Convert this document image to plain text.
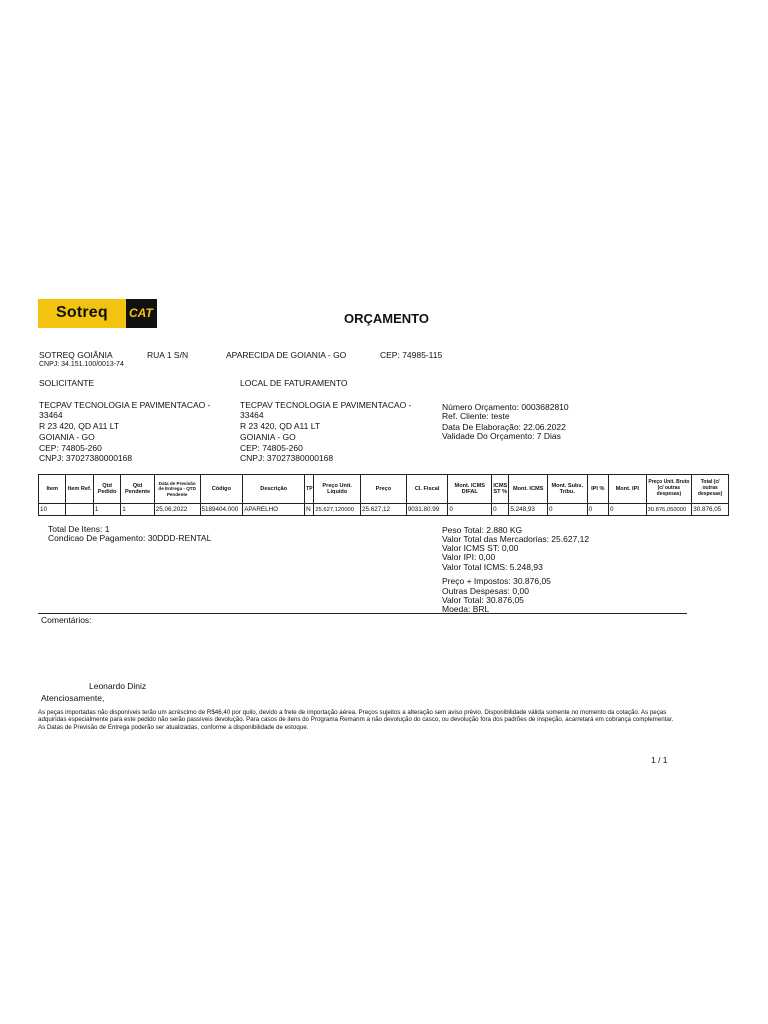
Sotreq CAT	ORÇAMENTO
SOTREQ GOIÂNIA	RUA 1 S/N	APARECIDA DE GOIANIA - GO	CEP: 74985-115
CNPJ: 34.151.100/0013-74
SOLICITANTE
TECPAV TECNOLOGIA E PAVIMENTACAO -
33464
R 23 420, QD A11 LT
GOIANIA - GO
CEP: 74805-260
CNPJ: 37027380000168
LOCAL DE FATURAMENTO
TECPAV TECNOLOGIA E PAVIMENTACAO -
33464
R 23 420, QD A11 LT
GOIANIA - GO
CEP: 74805-260
CNPJ: 37027380000168
Número Orçamento: 0003682810
Ref. Cliente: teste
Data De Elaboração: 22.06.2022
Validade Do Orçamento: 7 Dias
Item	Item Ref.	Qtd Pedido	Qtd Pendente	Data de Previsão de Entrega - QTD Pendente	Código	Descrição	TP	Preço Unit. Líquido	Preço	Cl. Fiscal	Mont. ICMS DIFAL	ICMS ST %	Mont. ICMS	Mont. Subs. Tribu.	IPI %	Mont. IPI	Preço Unit. Bruto (c/ outras despesas)	Total (c/ outras despesas)
10		1	1	25.06.2022	5189404.000	APARELHO	N	25.627,120000	25.627,12	9031.80.99	0	0	5.248,93	0	0	0	30.876,050000	30.876,05
Total De Itens: 1
Condicao De Pagamento: 30DDD-RENTAL
Peso Total: 2.880 KG
Valor Total das Mercadorias: 25.627,12
Valor ICMS ST: 0,00
Valor IPI: 0,00
Valor Total ICMS: 5.248,93
Preço + Impostos: 30.876,05
Outras Despesas: 0,00
Valor Total: 30.876,05
Moeda: BRL
Comentários:
Atenciosamente,
Leonardo Diniz
As peças importadas não disponíveis terão um acréscimo de R$46,40 por quilo, devido a frete de importação aérea. Preços sujeitos a alteração sem aviso prévio. Disponibilidade válida somente no momento da cotação. As peças adquiridas especialmente para este pedido não serão passíveis devolução. Para casos de itens do Programa Remanm a não devolução do casco, ou devolução fora dos padrões de inspeção, acarretará em cobrança complementar. As Datas de Previsão de Entrega poderão ser atualizadas, conforme a disponibilidade de estoque.
1 / 1
